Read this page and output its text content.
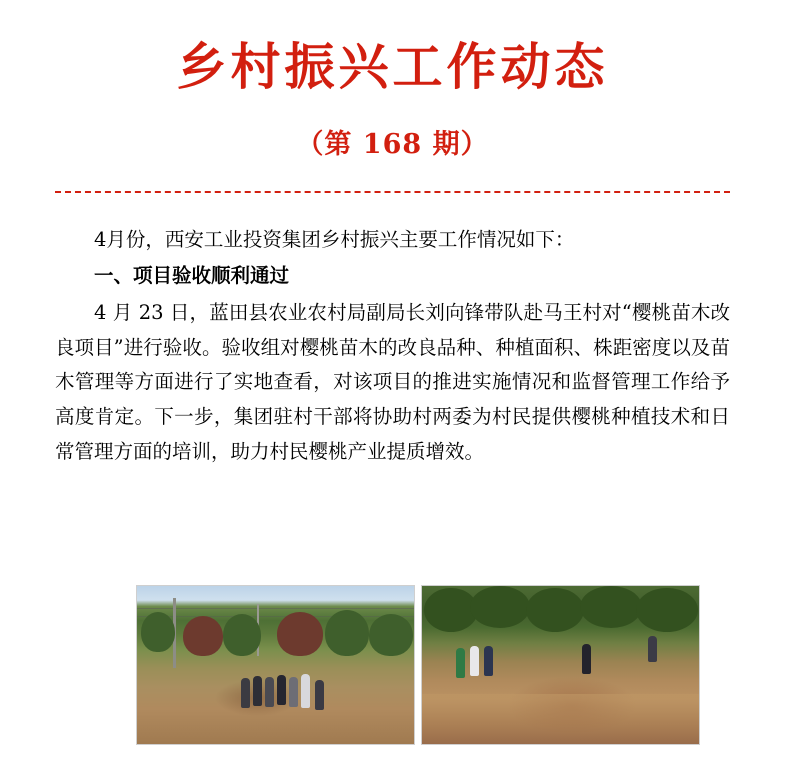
乡村振兴工作动态
（第 168 期）

4月份，西安工业投资集团乡村振兴主要工作情况如下：

一、项目验收顺利通过

4 月 23 日，蓝田县农业农村局副局长刘向锋带队赴马王村对“樱桃苗木改良项目”进行验收。验收组对樱桃苗木的改良品种、种植面积、株距密度以及苗木管理等方面进行了实地查看，对该项目的推进实施情况和监督管理工作给予高度肯定。下一步，集团驻村干部将协助村两委为村民提供樱桃种植技术和日常管理方面的培训，助力村民樱桃产业提质增效。
